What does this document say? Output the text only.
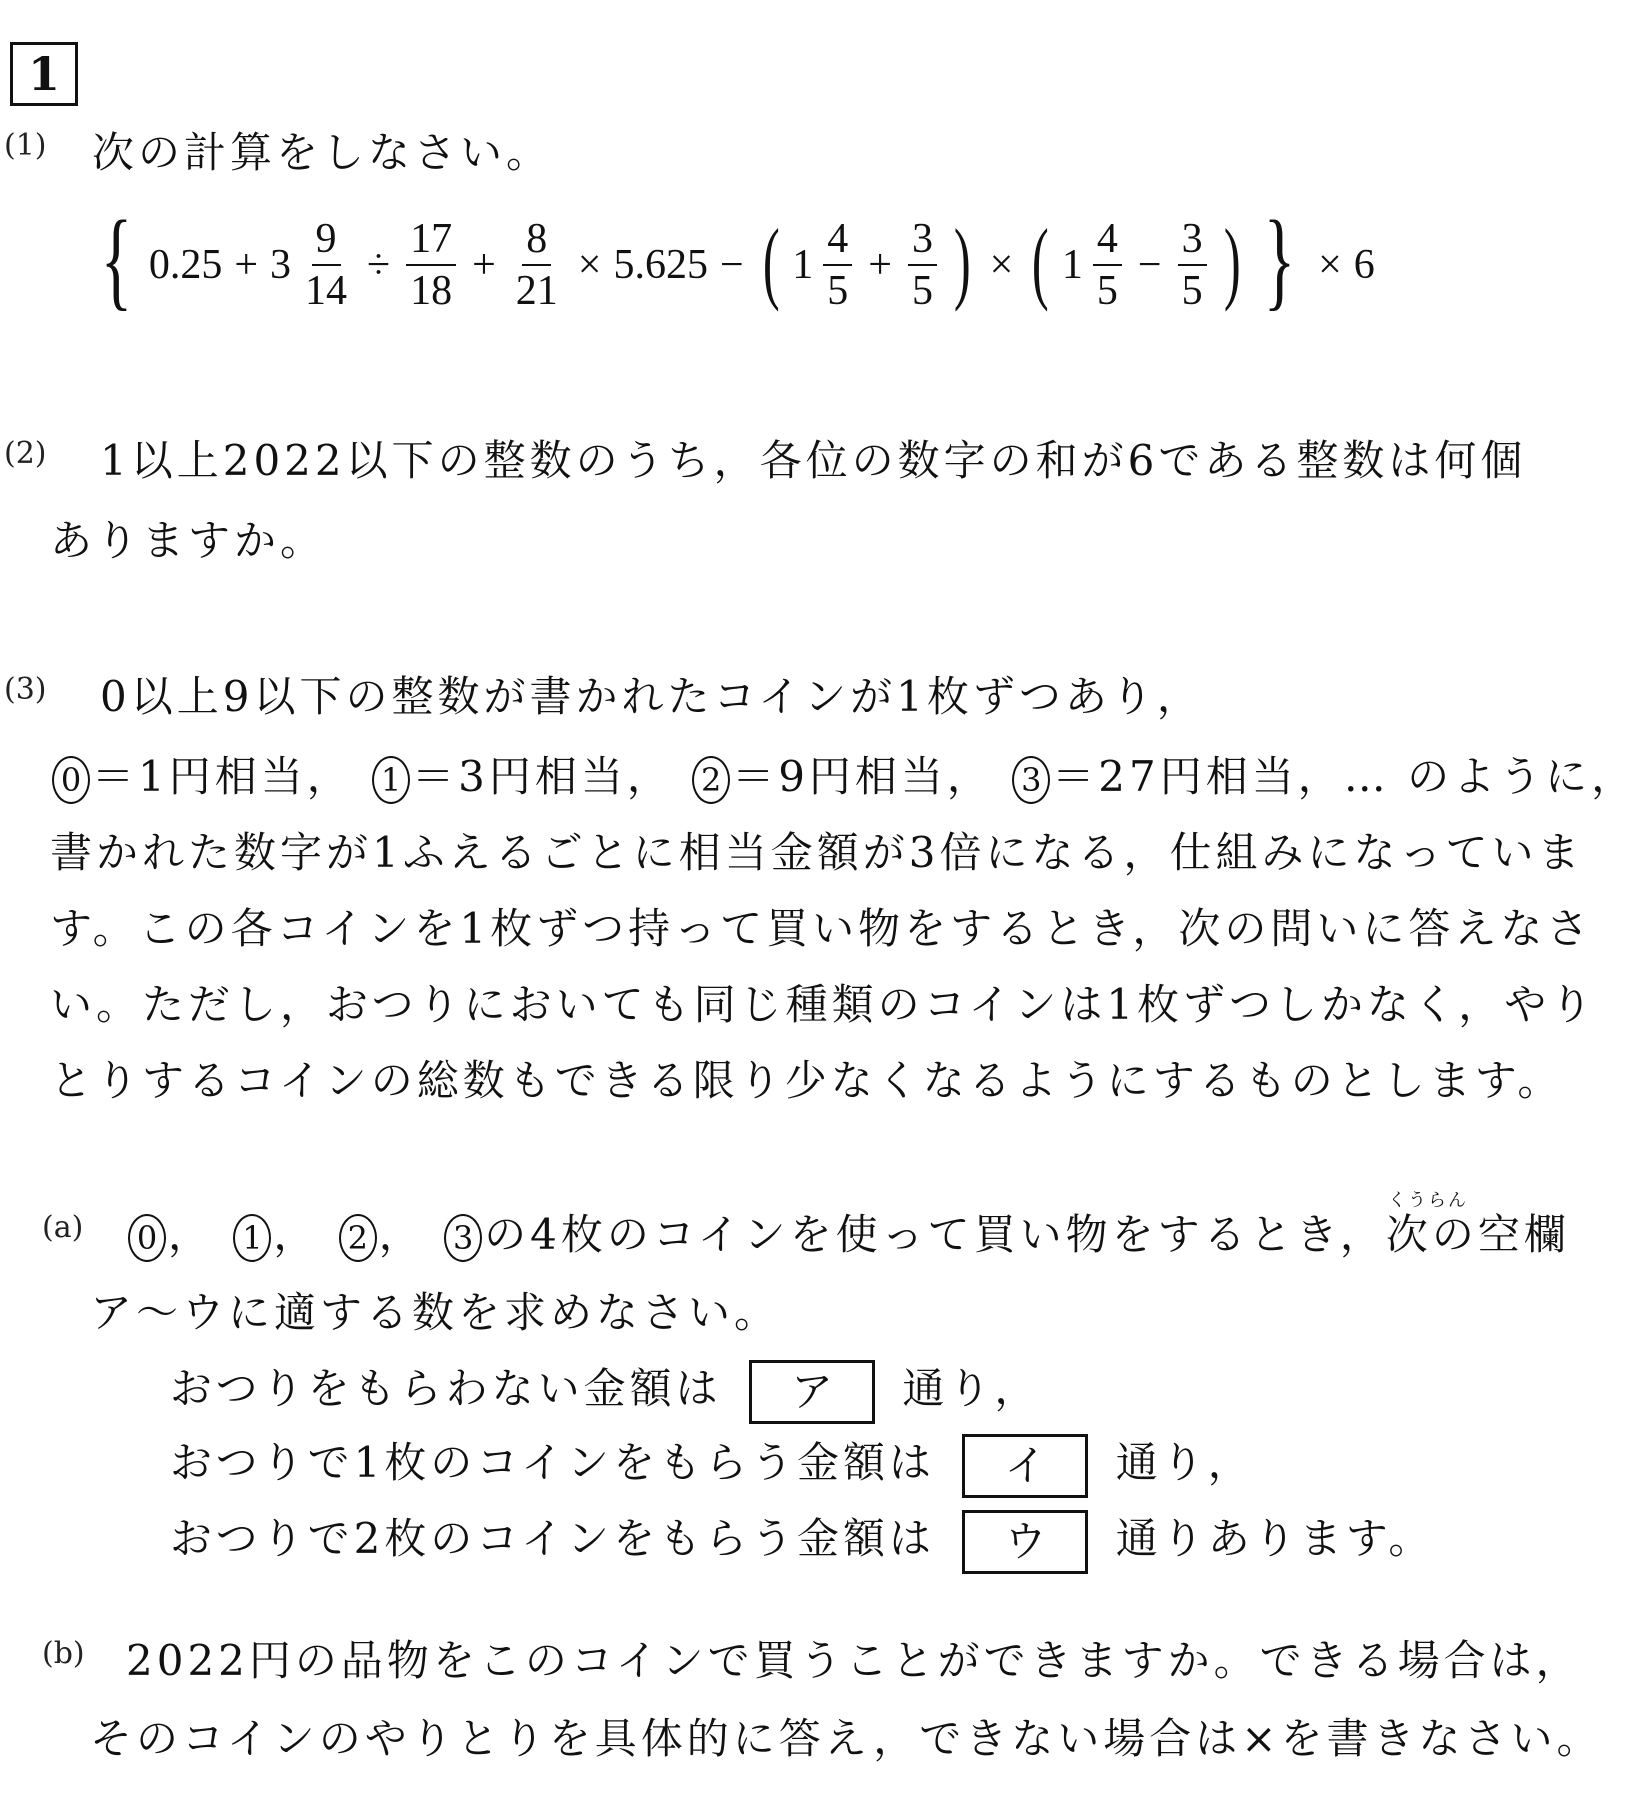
1
(1) 次の計算をしなさい。
{ $0.25 + 3 \frac{9}{14} \div \frac{17}{18} + \frac{8}{21} \times 5.625$ − ( $1 \frac{4}{5} + \frac{3}{5}$ ) × ( $1 \frac{4}{5} - \frac{3}{5}$ ) } × 6
(2) 1以上2022以下の整数のうち，各位の数字の和が6である整数は何個
ありますか。
(3) 0以上9以下の整数が書かれたコインが1枚ずつあり，
0 ＝1円相当， 1 ＝3円相当， 2 ＝9円相当， 3 ＝27円相当，… のように，
書かれた数字が1ふえるごとに相当金額が3倍になる，仕組みになっていま
す。この各コインを1枚ずつ持って買い物をするとき，次の問いに答えなさ
い。ただし，おつりにおいても同じ種類のコインは1枚ずつしかなく，やり
とりするコインの総数もできる限り少なくなるようにするものとします。
(a)
くうらん
0 ， 1 ， 2 ， 3 の4枚のコインを使って買い物をするとき，次の空欄
ア～ウに適する数を求めなさい。
おつりをもらわない金額は ア 通り，
おつりで1枚のコインをもらう金額は イ 通り，
おつりで2枚のコインをもらう金額は ウ 通りあります。
(b) 2022円の品物をこのコインで買うことができますか。できる場合は，
そのコインのやりとりを具体的に答え，できない場合は×を書きなさい。
